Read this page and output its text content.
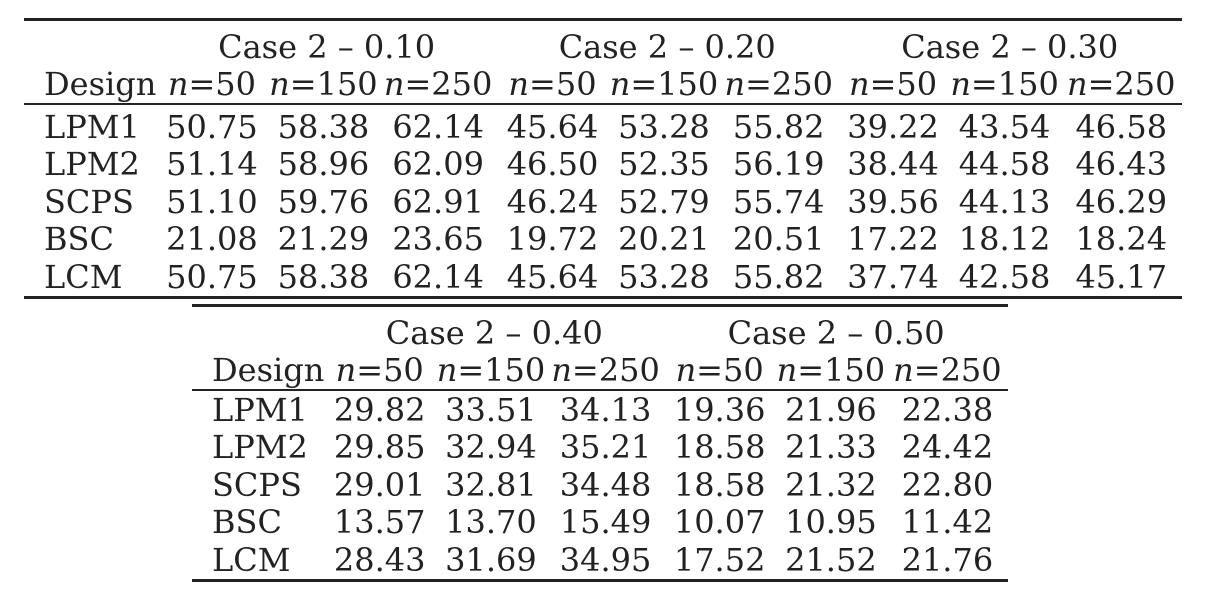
	Case 2 – 0.10			Case 2 – 0.20			Case 2 – 0.30		
Design	n=50	n=150	n=250	n=50	n=150	n=250	n=50	n=150	n=250
LPM1	50.75	58.38	62.14	45.64	53.28	55.82	39.22	43.54	46.58
LPM2	51.14	58.96	62.09	46.50	52.35	56.19	38.44	44.58	46.43
SCPS	51.10	59.76	62.91	46.24	52.79	55.74	39.56	44.13	46.29
BSC	21.08	21.29	23.65	19.72	20.21	20.51	17.22	18.12	18.24
LCM	50.75	58.38	62.14	45.64	53.28	55.82	37.74	42.58	45.17
	Case 2 – 0.40			Case 2 – 0.50		
Design	n=50	n=150	n=250	n=50	n=150	n=250
LPM1	29.82	33.51	34.13	19.36	21.96	22.38
LPM2	29.85	32.94	35.21	18.58	21.33	24.42
SCPS	29.01	32.81	34.48	18.58	21.32	22.80
BSC	13.57	13.70	15.49	10.07	10.95	11.42
LCM	28.43	31.69	34.95	17.52	21.52	21.76
